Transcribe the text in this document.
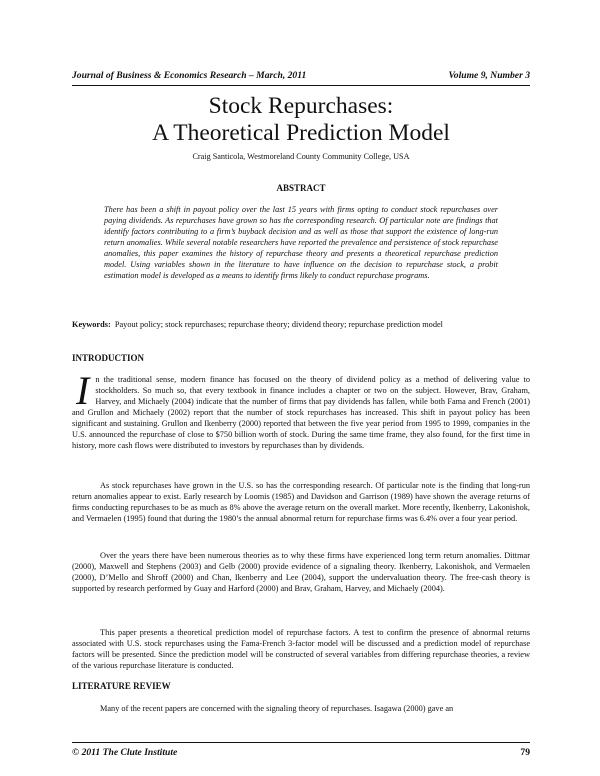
Journal of Business & Economics Research – March, 2011	Volume 9, Number 3
Stock Repurchases:
A Theoretical Prediction Model
Craig Santicola, Westmoreland County Community College, USA
ABSTRACT

There has been a shift in payout policy over the last 15 years with firms opting to conduct stock repurchases over paying dividends. As repurchases have grown so has the corresponding research. Of particular note are findings that identify factors contributing to a firm’s buyback decision and as well as those that support the existence of long-run return anomalies. While several notable researchers have reported the prevalence and persistence of stock repurchase anomalies, this paper examines the history of repurchase theory and presents a theoretical repurchase prediction model. Using variables shown in the literature to have influence on the decision to repurchase stock, a probit estimation model is developed as a means to identify firms likely to conduct repurchase programs.

Keywords: Payout policy; stock repurchases; repurchase theory; dividend theory; repurchase prediction model

INTRODUCTION

In the traditional sense, modern finance has focused on the theory of dividend policy as a method of delivering value to stockholders. So much so, that every textbook in finance includes a chapter or two on the subject. However, Brav, Graham, Harvey, and Michaely (2004) indicate that the number of firms that pay dividends has fallen, while both Fama and French (2001) and Grullon and Michaely (2002) report that the number of stock repurchases has increased. This shift in payout policy has been significant and sustaining. Grullon and Ikenberry (2000) reported that between the five year period from 1995 to 1999, companies in the U.S. announced the repurchase of close to $750 billion worth of stock. During the same time frame, they also found, for the first time in history, more cash flows were distributed to investors by repurchases than by dividends.

As stock repurchases have grown in the U.S. so has the corresponding research. Of particular note is the finding that long-run return anomalies appear to exist. Early research by Loomis (1985) and Davidson and Garrison (1989) have shown the average returns of firms conducting repurchases to be as much as 8% above the average return on the overall market. More recently, Ikenberry, Lakonishok, and Vermaelen (1995) found that during the 1980’s the annual abnormal return for repurchase firms was 6.4% over a four year period.

Over the years there have been numerous theories as to why these firms have experienced long term return anomalies. Dittmar (2000), Maxwell and Stephens (2003) and Gelb (2000) provide evidence of a signaling theory. Ikenberry, Lakonishok, and Vermaelen (2000), D’Mello and Shroff (2000) and Chan, Ikenberry and Lee (2004), support the undervaluation theory. The free-cash theory is supported by research performed by Guay and Harford (2000) and Brav, Graham, Harvey, and Michaely (2004).

This paper presents a theoretical prediction model of repurchase factors. A test to confirm the presence of abnormal returns associated with U.S. stock repurchases using the Fama-French 3-factor model will be discussed and a prediction model of repurchase factors will be presented. Since the prediction model will be constructed of several variables from differing repurchase theories, a review of the various repurchase literature is conducted.

LITERATURE REVIEW

Many of the recent papers are concerned with the signaling theory of repurchases. Isagawa (2000) gave an

© 2011 The Clute Institute	79
